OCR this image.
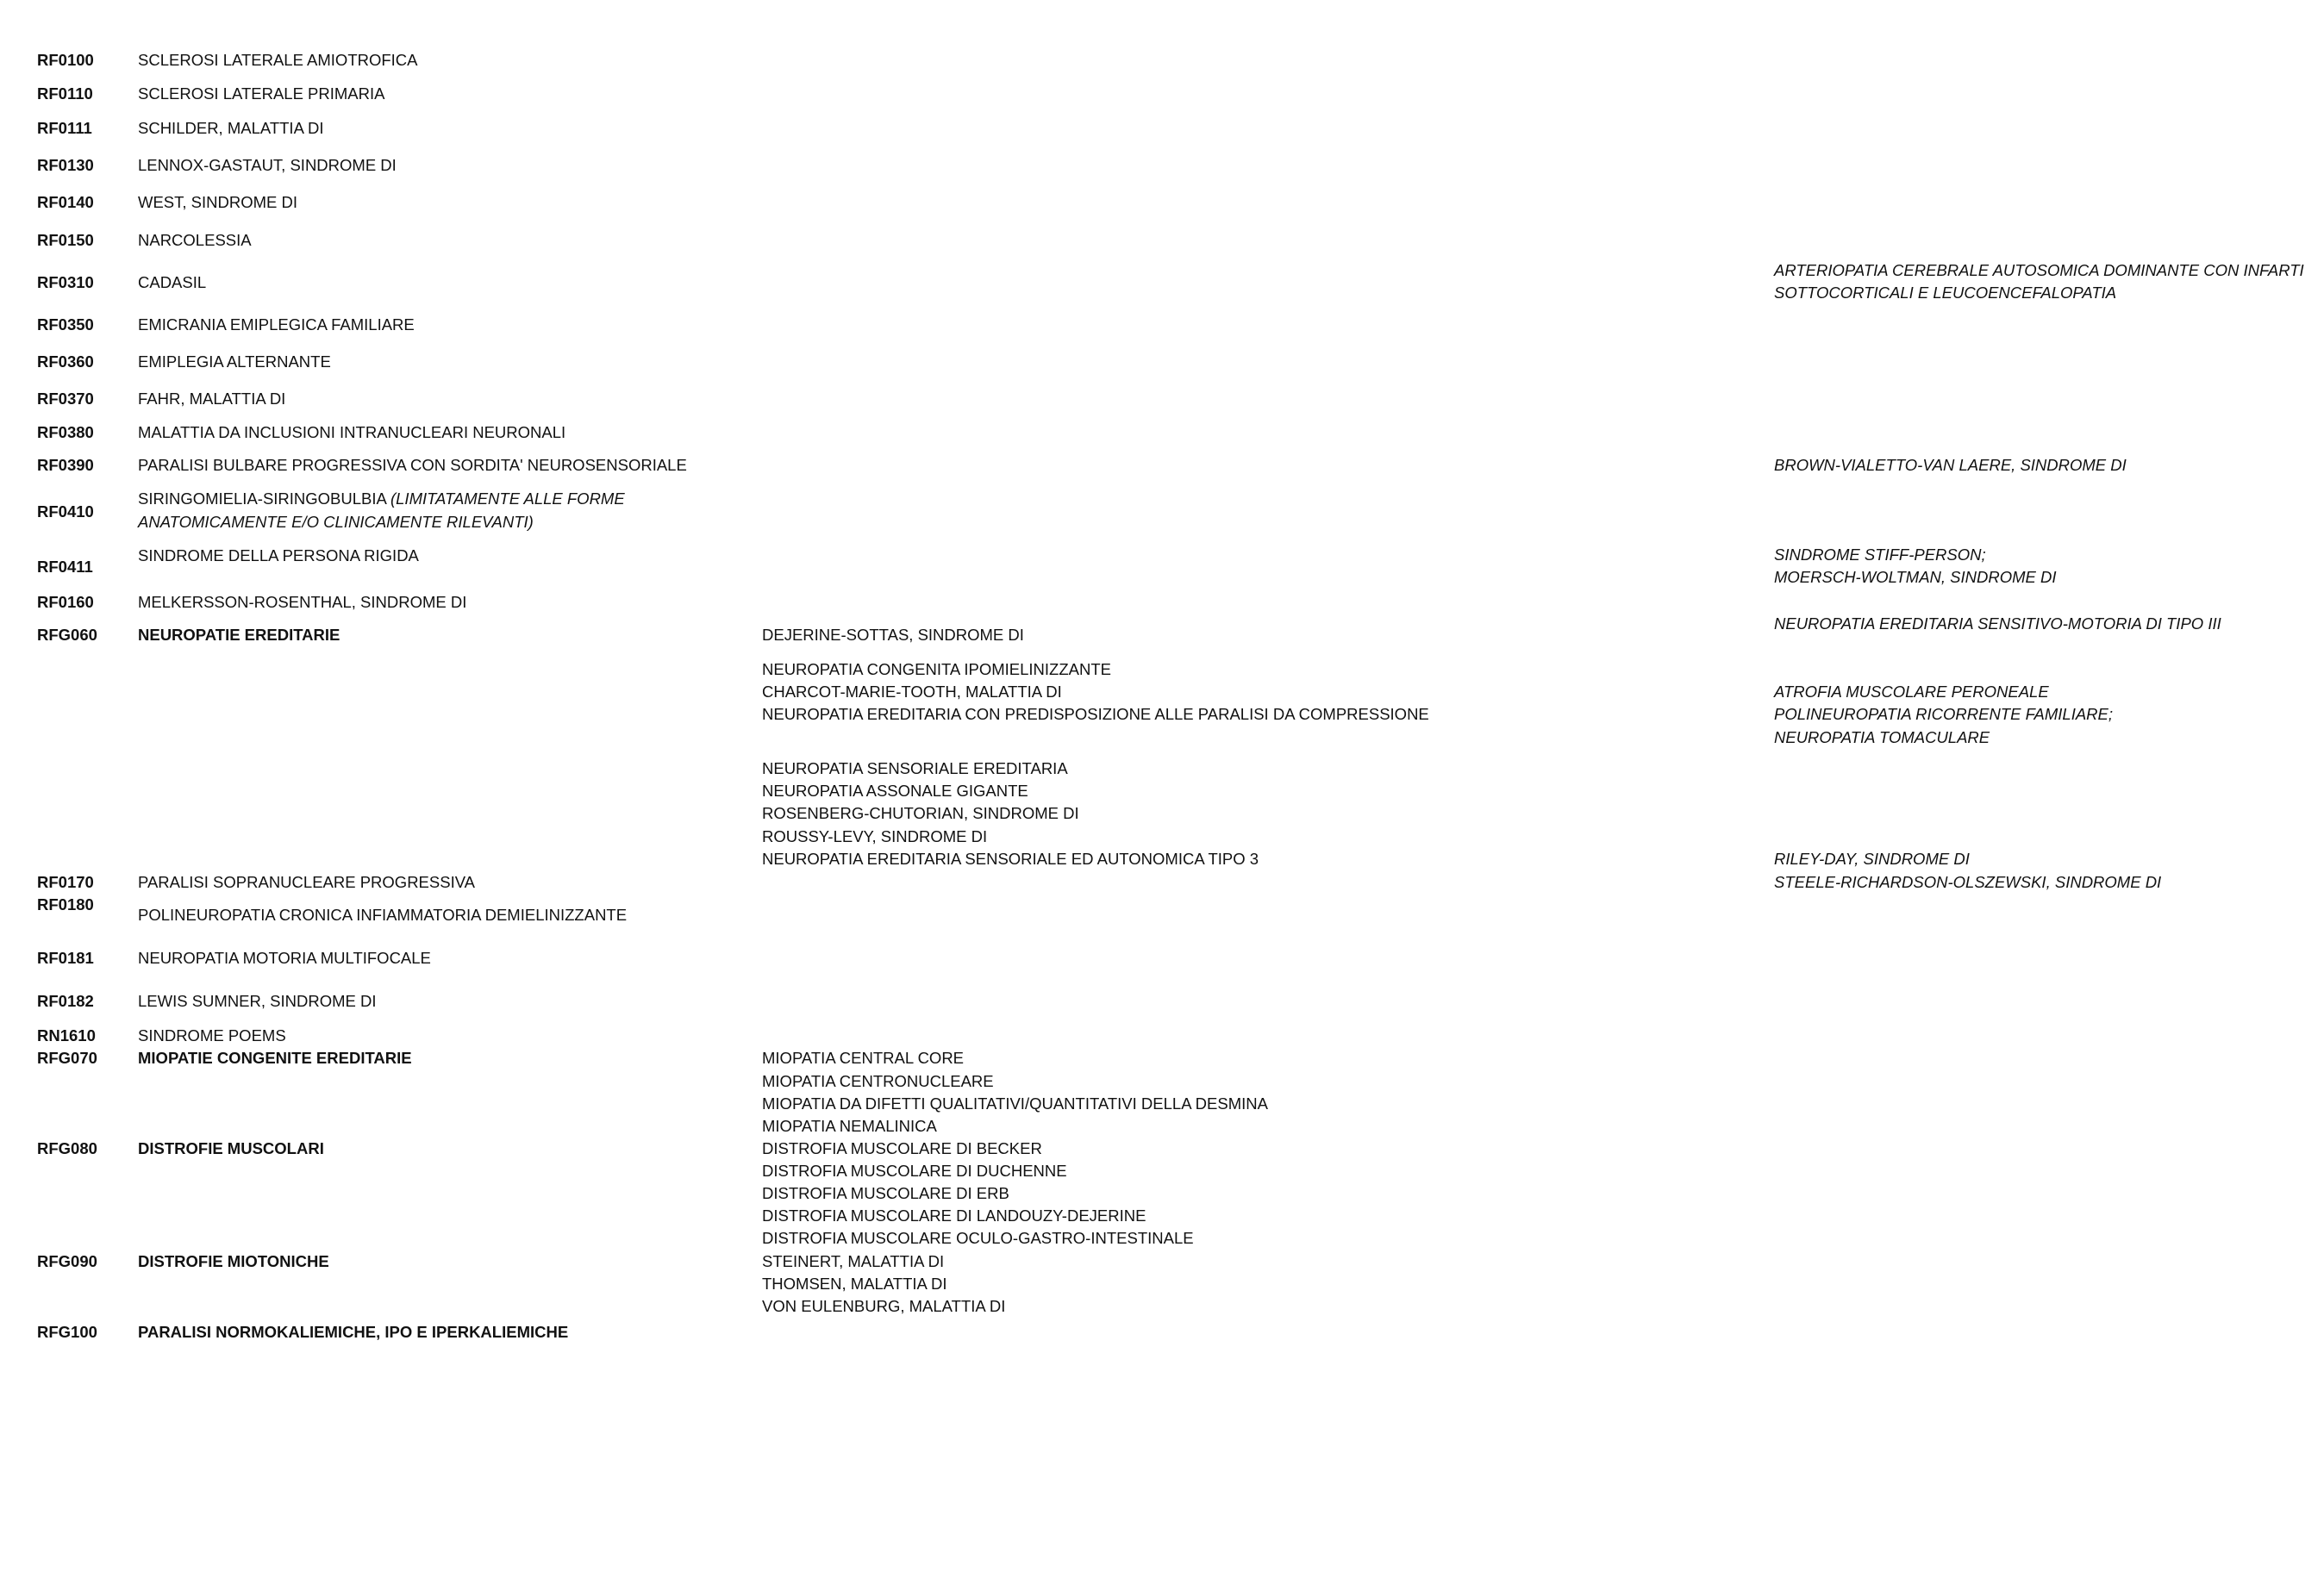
RF0100
RF0110
RF0111
RF0130
RF0140
RF0150
RF0310
RF0350
RF0360
RF0370
RF0380
RF0390
RF0410
RF0411
RF0160
RFG060
RF0170
RF0180
RF0181
RF0182
RN1610
RFG070
RFG080
RFG090
RFG100
SCLEROSI LATERALE AMIOTROFICA
SCLEROSI LATERALE PRIMARIA
SCHILDER, MALATTIA DI
LENNOX-GASTAUT, SINDROME DI
WEST, SINDROME DI
NARCOLESSIA
CADASIL
EMICRANIA EMIPLEGICA FAMILIARE
EMIPLEGIA ALTERNANTE
FAHR, MALATTIA DI
MALATTIA DA INCLUSIONI INTRANUCLEARI NEURONALI
PARALISI BULBARE PROGRESSIVA CON SORDITA' NEUROSENSORIALE
SIRINGOMIELIA-SIRINGOBULBIA (LIMITATAMENTE ALLE FORME
ANATOMICAMENTE E/O CLINICAMENTE RILEVANTI)
SINDROME DELLA PERSONA RIGIDA
MELKERSSON-ROSENTHAL, SINDROME DI
NEUROPATIE EREDITARIE
PARALISI SOPRANUCLEARE PROGRESSIVA
POLINEUROPATIA CRONICA INFIAMMATORIA DEMIELINIZZANTE
NEUROPATIA MOTORIA MULTIFOCALE
LEWIS SUMNER, SINDROME DI
SINDROME POEMS
MIOPATIE CONGENITE EREDITARIE
DISTROFIE MUSCOLARI
DISTROFIE MIOTONICHE
PARALISI NORMOKALIEMICHE, IPO E IPERKALIEMICHE
DEJERINE-SOTTAS, SINDROME DI
NEUROPATIA CONGENITA IPOMIELINIZZANTE
CHARCOT-MARIE-TOOTH, MALATTIA DI
NEUROPATIA EREDITARIA CON PREDISPOSIZIONE ALLE PARALISI DA COMPRESSIONE
NEUROPATIA SENSORIALE EREDITARIA
NEUROPATIA ASSONALE GIGANTE
ROSENBERG-CHUTORIAN, SINDROME DI
ROUSSY-LEVY, SINDROME DI
NEUROPATIA EREDITARIA SENSORIALE ED AUTONOMICA TIPO 3
MIOPATIA CENTRAL CORE
MIOPATIA CENTRONUCLEARE
MIOPATIA DA DIFETTI QUALITATIVI/QUANTITATIVI DELLA DESMINA
MIOPATIA NEMALINICA
DISTROFIA MUSCOLARE DI BECKER
DISTROFIA MUSCOLARE DI DUCHENNE
DISTROFIA MUSCOLARE DI ERB
DISTROFIA MUSCOLARE DI LANDOUZY-DEJERINE
DISTROFIA MUSCOLARE OCULO-GASTRO-INTESTINALE
STEINERT, MALATTIA DI
THOMSEN, MALATTIA DI
VON EULENBURG, MALATTIA DI
ARTERIOPATIA CEREBRALE AUTOSOMICA DOMINANTE CON INFARTI
SOTTOCORTICALI E LEUCOENCEFALOPATIA
BROWN-VIALETTO-VAN LAERE, SINDROME DI
SINDROME STIFF-PERSON;
MOERSCH-WOLTMAN, SINDROME DI
NEUROPATIA EREDITARIA SENSITIVO-MOTORIA DI TIPO III
ATROFIA MUSCOLARE PERONEALE
POLINEUROPATIA RICORRENTE FAMILIARE;
NEUROPATIA TOMACULARE
RILEY-DAY, SINDROME DI
STEELE-RICHARDSON-OLSZEWSKI, SINDROME DI
